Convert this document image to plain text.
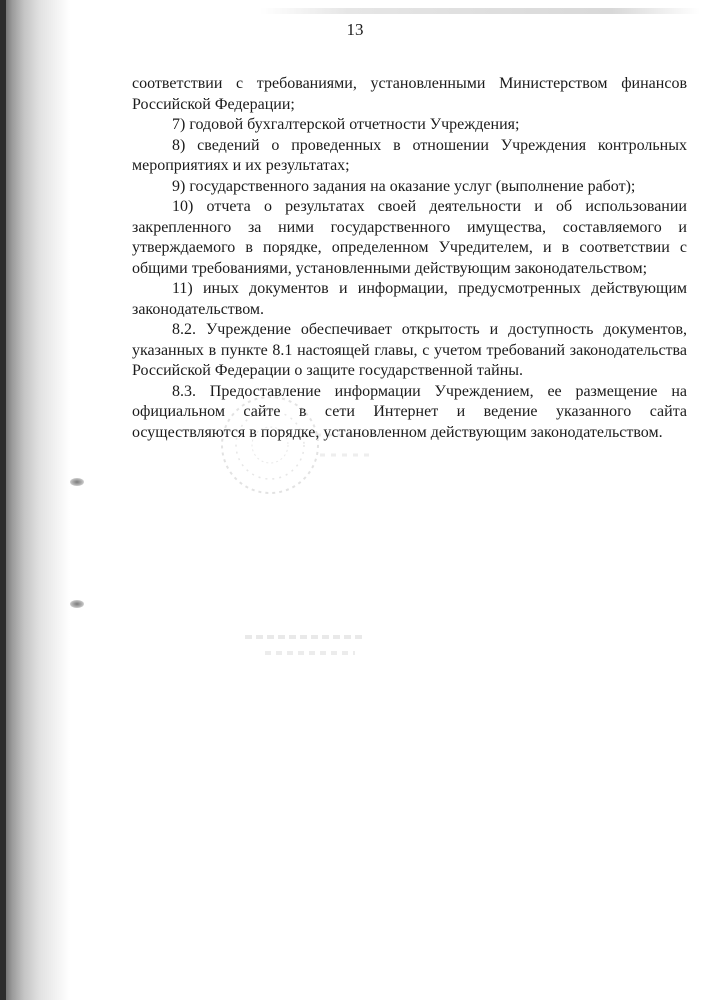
13

соответствии с требованиями, установленными Министерством финансов Российской Федерации;

7) годовой бухгалтерской отчетности Учреждения;

8) сведений о проведенных в отношении Учреждения контрольных мероприятиях и их результатах;

9) государственного задания на оказание услуг (выполнение работ);

10) отчета о результатах своей деятельности и об использовании закрепленного за ними государственного имущества, составляемого и утверждаемого в порядке, определенном Учредителем, и в соответствии с общими требованиями, установленными действующим законодательством;

11) иных документов и информации, предусмотренных действующим законодательством.

8.2. Учреждение обеспечивает открытость и доступность документов, указанных в пункте 8.1 настоящей главы, с учетом требований законодательства Российской Федерации о защите государственной тайны.

8.3. Предоставление информации Учреждением, ее размещение на официальном сайте в сети Интернет и ведение указанного сайта осуществляются в порядке, установленном действующим законодательством.
